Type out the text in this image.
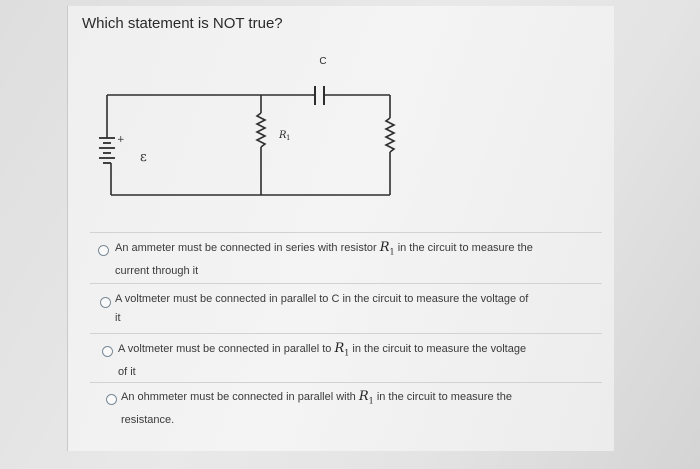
Which statement is NOT true?
C
+
ε
R 1
An ammeter must be connected in series with resistor $R_1$ in the circuit to measure the
current through it
A voltmeter must be connected in parallel to C in the circuit to measure the voltage of
it
A voltmeter must be connected in parallel to $R_1$ in the circuit to measure the voltage
of it
An ohmmeter must be connected in parallel with $R_1$ in the circuit to measure the
resistance.
